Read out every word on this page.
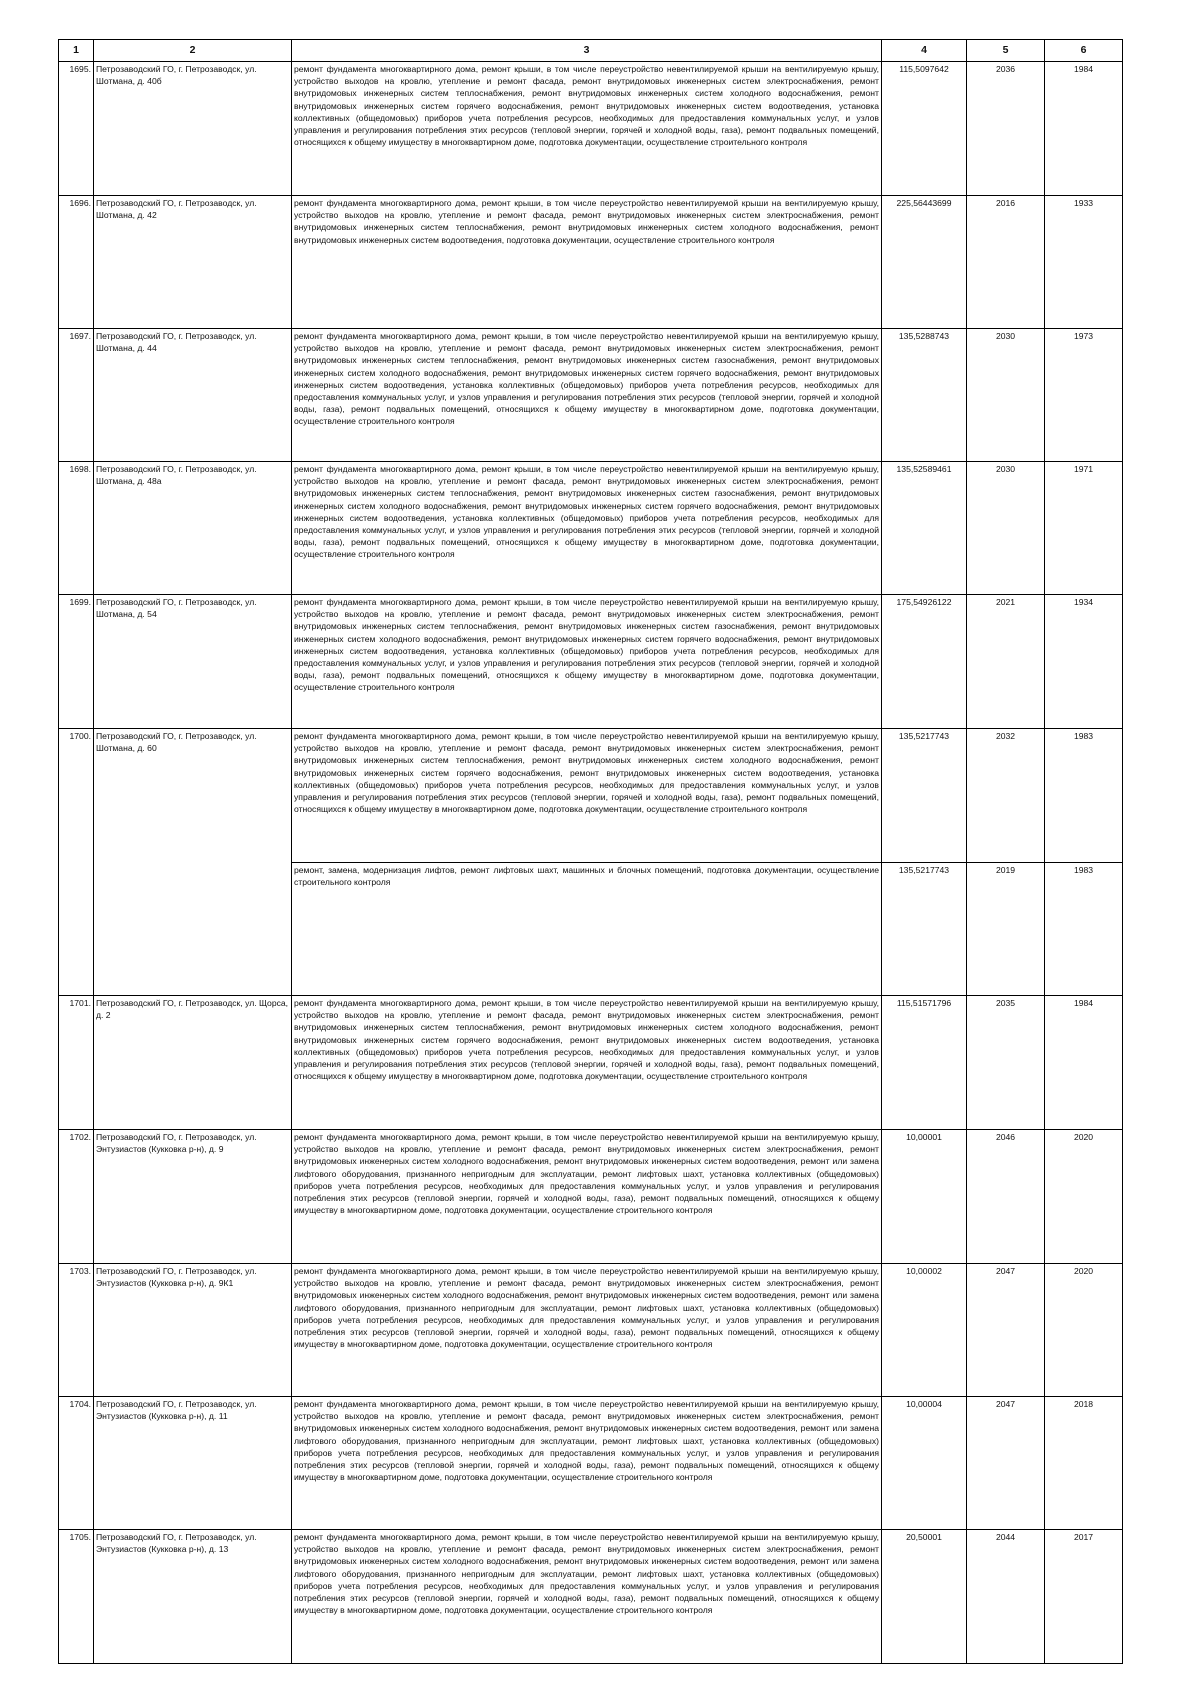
1	2	3	4	5	6
1695.	Петрозаводский ГО, г. Петрозаводск, ул. Шотмана, д. 40б	ремонт фундамента многоквартирного дома, ремонт крыши, в том числе переустройство невентилируемой крыши на вентилируемую крышу, устройство выходов на кровлю, утепление и ремонт фасада, ремонт внутридомовых инженерных систем электроснабжения, ремонт внутридомовых инженерных систем теплоснабжения, ремонт внутридомовых инженерных систем холодного водоснабжения, ремонт внутридомовых инженерных систем горячего водоснабжения, ремонт внутридомовых инженерных систем водоотведения, установка коллективных (общедомовых) приборов учета потребления ресурсов, необходимых для предоставления коммунальных услуг, и узлов управления и регулирования потребления этих ресурсов (тепловой энергии, горячей и холодной воды, газа), ремонт подвальных помещений, относящихся к общему имуществу в многоквартирном доме, подготовка документации, осуществление строительного контроля	115,5097642	2036	1984
1696.	Петрозаводский ГО, г. Петрозаводск, ул. Шотмана, д. 42	ремонт фундамента многоквартирного дома, ремонт крыши, в том числе переустройство невентилируемой крыши на вентилируемую крышу, устройство выходов на кровлю, утепление и ремонт фасада, ремонт внутридомовых инженерных систем электроснабжения, ремонт внутридомовых инженерных систем теплоснабжения, ремонт внутридомовых инженерных систем холодного водоснабжения, ремонт внутридомовых инженерных систем водоотведения, подготовка документации, осуществление строительного контроля	225,56443699	2016	1933
1697.	Петрозаводский ГО, г. Петрозаводск, ул. Шотмана, д. 44	ремонт фундамента многоквартирного дома, ремонт крыши, в том числе переустройство невентилируемой крыши на вентилируемую крышу, устройство выходов на кровлю, утепление и ремонт фасада, ремонт внутридомовых инженерных систем электроснабжения, ремонт внутридомовых инженерных систем теплоснабжения, ремонт внутридомовых инженерных систем газоснабжения, ремонт внутридомовых инженерных систем холодного водоснабжения, ремонт внутридомовых инженерных систем горячего водоснабжения, ремонт внутридомовых инженерных систем водоотведения, установка коллективных (общедомовых) приборов учета потребления ресурсов, необходимых для предоставления коммунальных услуг, и узлов управления и регулирования потребления этих ресурсов (тепловой энергии, горячей и холодной воды, газа), ремонт подвальных помещений, относящихся к общему имуществу в многоквартирном доме, подготовка документации, осуществление строительного контроля	135,5288743	2030	1973
1698.	Петрозаводский ГО, г. Петрозаводск, ул. Шотмана, д. 48а	ремонт фундамента многоквартирного дома, ремонт крыши, в том числе переустройство невентилируемой крыши на вентилируемую крышу, устройство выходов на кровлю, утепление и ремонт фасада, ремонт внутридомовых инженерных систем электроснабжения, ремонт внутридомовых инженерных систем теплоснабжения, ремонт внутридомовых инженерных систем газоснабжения, ремонт внутридомовых инженерных систем холодного водоснабжения, ремонт внутридомовых инженерных систем горячего водоснабжения, ремонт внутридомовых инженерных систем водоотведения, установка коллективных (общедомовых) приборов учета потребления ресурсов, необходимых для предоставления коммунальных услуг, и узлов управления и регулирования потребления этих ресурсов (тепловой энергии, горячей и холодной воды, газа), ремонт подвальных помещений, относящихся к общему имуществу в многоквартирном доме, подготовка документации, осуществление строительного контроля	135,52589461	2030	1971
1699.	Петрозаводский ГО, г. Петрозаводск, ул. Шотмана, д. 54	ремонт фундамента многоквартирного дома, ремонт крыши, в том числе переустройство невентилируемой крыши на вентилируемую крышу, устройство выходов на кровлю, утепление и ремонт фасада, ремонт внутридомовых инженерных систем электроснабжения, ремонт внутридомовых инженерных систем теплоснабжения, ремонт внутридомовых инженерных систем газоснабжения, ремонт внутридомовых инженерных систем холодного водоснабжения, ремонт внутридомовых инженерных систем горячего водоснабжения, ремонт внутридомовых инженерных систем водоотведения, установка коллективных (общедомовых) приборов учета потребления ресурсов, необходимых для предоставления коммунальных услуг, и узлов управления и регулирования потребления этих ресурсов (тепловой энергии, горячей и холодной воды, газа), ремонт подвальных помещений, относящихся к общему имуществу в многоквартирном доме, подготовка документации, осуществление строительного контроля	175,54926122	2021	1934
1700.	Петрозаводский ГО, г. Петрозаводск, ул. Шотмана, д. 60	ремонт фундамента многоквартирного дома, ремонт крыши, в том числе переустройство невентилируемой крыши на вентилируемую крышу, устройство выходов на кровлю, утепление и ремонт фасада, ремонт внутридомовых инженерных систем электроснабжения, ремонт внутридомовых инженерных систем теплоснабжения, ремонт внутридомовых инженерных систем холодного водоснабжения, ремонт внутридомовых инженерных систем горячего водоснабжения, ремонт внутридомовых инженерных систем водоотведения, установка коллективных (общедомовых) приборов учета потребления ресурсов, необходимых для предоставления коммунальных услуг, и узлов управления и регулирования потребления этих ресурсов (тепловой энергии, горячей и холодной воды, газа), ремонт подвальных помещений, относящихся к общему имуществу в многоквартирном доме, подготовка документации, осуществление строительного контроля	135,5217743	2032	1983
		ремонт, замена, модернизация лифтов, ремонт лифтовых шахт, машинных и блочных помещений, подготовка документации, осуществление строительного контроля	135,5217743	2019	1983
1701.	Петрозаводский ГО, г. Петрозаводск, ул. Щорса, д. 2	ремонт фундамента многоквартирного дома, ремонт крыши, в том числе переустройство невентилируемой крыши на вентилируемую крышу, устройство выходов на кровлю, утепление и ремонт фасада, ремонт внутридомовых инженерных систем электроснабжения, ремонт внутридомовых инженерных систем теплоснабжения, ремонт внутридомовых инженерных систем холодного водоснабжения, ремонт внутридомовых инженерных систем горячего водоснабжения, ремонт внутридомовых инженерных систем водоотведения, установка коллективных (общедомовых) приборов учета потребления ресурсов, необходимых для предоставления коммунальных услуг, и узлов управления и регулирования потребления этих ресурсов (тепловой энергии, горячей и холодной воды, газа), ремонт подвальных помещений, относящихся к общему имуществу в многоквартирном доме, подготовка документации, осуществление строительного контроля	115,51571796	2035	1984
1702.	Петрозаводский ГО, г. Петрозаводск, ул. Энтузиастов (Кукковка р-н), д. 9	ремонт фундамента многоквартирного дома, ремонт крыши, в том числе переустройство невентилируемой крыши на вентилируемую крышу, устройство выходов на кровлю, утепление и ремонт фасада, ремонт внутридомовых инженерных систем электроснабжения, ремонт внутридомовых инженерных систем холодного водоснабжения, ремонт внутридомовых инженерных систем водоотведения, ремонт или замена лифтового оборудования, признанного непригодным для эксплуатации, ремонт лифтовых шахт, установка коллективных (общедомовых) приборов учета потребления ресурсов, необходимых для предоставления коммунальных услуг, и узлов управления и регулирования потребления этих ресурсов (тепловой энергии, горячей и холодной воды, газа), ремонт подвальных помещений, относящихся к общему имуществу в многоквартирном доме, подготовка документации, осуществление строительного контроля	10,00001	2046	2020
1703.	Петрозаводский ГО, г. Петрозаводск, ул. Энтузиастов (Кукковка р-н), д. 9К1	ремонт фундамента многоквартирного дома, ремонт крыши, в том числе переустройство невентилируемой крыши на вентилируемую крышу, устройство выходов на кровлю, утепление и ремонт фасада, ремонт внутридомовых инженерных систем электроснабжения, ремонт внутридомовых инженерных систем холодного водоснабжения, ремонт внутридомовых инженерных систем водоотведения, ремонт или замена лифтового оборудования, признанного непригодным для эксплуатации, ремонт лифтовых шахт, установка коллективных (общедомовых) приборов учета потребления ресурсов, необходимых для предоставления коммунальных услуг, и узлов управления и регулирования потребления этих ресурсов (тепловой энергии, горячей и холодной воды, газа), ремонт подвальных помещений, относящихся к общему имуществу в многоквартирном доме, подготовка документации, осуществление строительного контроля	10,00002	2047	2020
1704.	Петрозаводский ГО, г. Петрозаводск, ул. Энтузиастов (Кукковка р-н), д. 11	ремонт фундамента многоквартирного дома, ремонт крыши, в том числе переустройство невентилируемой крыши на вентилируемую крышу, устройство выходов на кровлю, утепление и ремонт фасада, ремонт внутридомовых инженерных систем электроснабжения, ремонт внутридомовых инженерных систем холодного водоснабжения, ремонт внутридомовых инженерных систем водоотведения, ремонт или замена лифтового оборудования, признанного непригодным для эксплуатации, ремонт лифтовых шахт, установка коллективных (общедомовых) приборов учета потребления ресурсов, необходимых для предоставления коммунальных услуг, и узлов управления и регулирования потребления этих ресурсов (тепловой энергии, горячей и холодной воды, газа), ремонт подвальных помещений, относящихся к общему имуществу в многоквартирном доме, подготовка документации, осуществление строительного контроля	10,00004	2047	2018
1705.	Петрозаводский ГО, г. Петрозаводск, ул. Энтузиастов (Кукковка р-н), д. 13	ремонт фундамента многоквартирного дома, ремонт крыши, в том числе переустройство невентилируемой крыши на вентилируемую крышу, устройство выходов на кровлю, утепление и ремонт фасада, ремонт внутридомовых инженерных систем электроснабжения, ремонт внутридомовых инженерных систем холодного водоснабжения, ремонт внутридомовых инженерных систем водоотведения, ремонт или замена лифтового оборудования, признанного непригодным для эксплуатации, ремонт лифтовых шахт, установка коллективных (общедомовых) приборов учета потребления ресурсов, необходимых для предоставления коммунальных услуг, и узлов управления и регулирования потребления этих ресурсов (тепловой энергии, горячей и холодной воды, газа), ремонт подвальных помещений, относящихся к общему имуществу в многоквартирном доме, подготовка документации, осуществление строительного контроля	20,50001	2044	2017
